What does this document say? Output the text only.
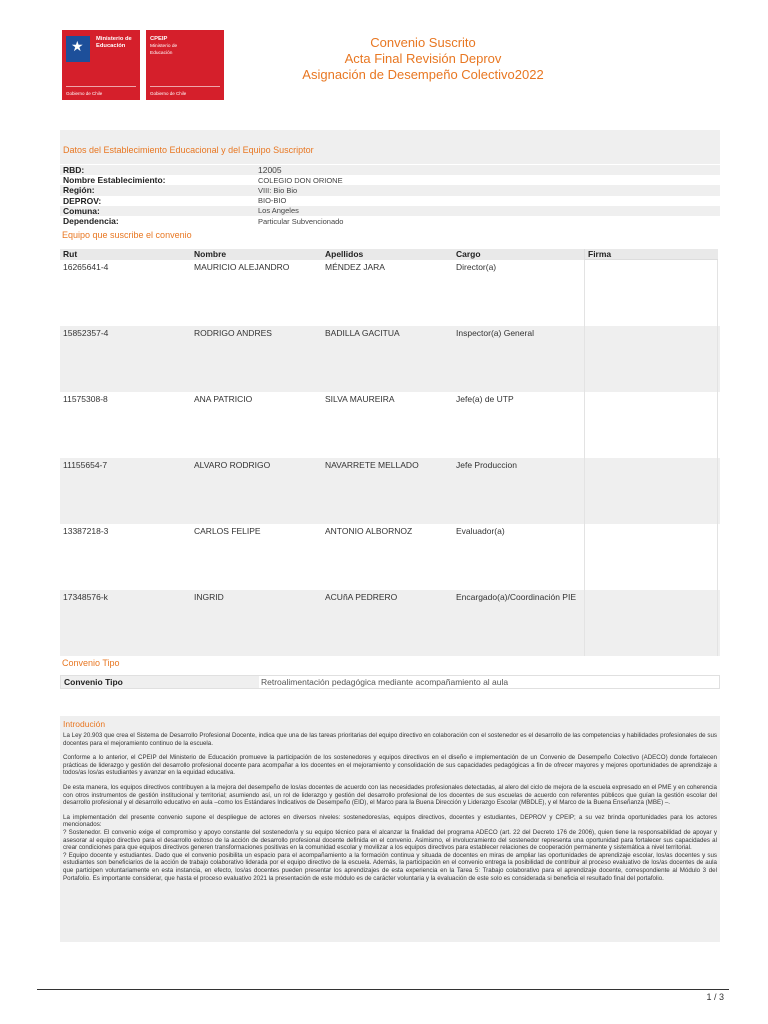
★
Ministerio de
Educación
Gobierno de Chile
CPEIP
Ministerio de
Educación
Gobierno de Chile
Convenio Suscrito
Acta Final Revisión Deprov
Asignación de Desempeño Colectivo2022
Datos del Establecimiento Educacional y del Equipo Suscriptor
RBD:	12005
Nombre Establecimiento:	COLEGIO DON ORIONE
Región:	VIII: Bio Bio
DEPROV:	BIO-BIO
Comuna:	Los Angeles
Dependencia:	Particular Subvencionado
Equipo que suscribe el convenio
Rut	Nombre	Apellidos	Cargo	Firma
16265641-4	MAURICIO ALEJANDRO	MÉNDEZ JARA	Director(a)
15852357-4	RODRIGO ANDRES	BADILLA GACITUA	Inspector(a) General
11575308-8	ANA PATRICIO	SILVA MAUREIRA	Jefe(a) de UTP
11155654-7	ALVARO RODRIGO	NAVARRETE MELLADO	Jefe Produccion
13387218-3	CARLOS FELIPE	ANTONIO ALBORNOZ	Evaluador(a)
17348576-k	INGRID	ACUñA PEDRERO	Encargado(a)/Coordinación PIE
Convenio Tipo
Convenio Tipo	Retroalimentación pedagógica mediante acompañamiento al aula
Introdución

La Ley 20.903 que crea el Sistema de Desarrollo Profesional Docente, indica que una de las tareas prioritarias del equipo directivo en colaboración con el sostenedor es el desarrollo de las competencias y habilidades profesionales de sus docentes para el mejoramiento continuo de la escuela.

Conforme a lo anterior, el CPEIP del Ministerio de Educación promueve la participación de los sostenedores y equipos directivos en el diseño e implementación de un Convenio de Desempeño Colectivo (ADECO) donde fortalecen prácticas de liderazgo y gestión del desarrollo profesional docente para acompañar a los docentes en el mejoramiento y consolidación de sus capacidades pedagógicas a fin de ofrecer mayores y mejores oportunidades de aprendizaje a todos/as los/as estudiantes y avanzar en la equidad educativa.

De esta manera, los equipos directivos contribuyen a la mejora del desempeño de los/as docentes de acuerdo con las necesidades profesionales detectadas, al alero del ciclo de mejora de la escuela expresado en el PME y en coherencia con otros instrumentos de gestión institucional y territorial; asumiendo así, un rol de liderazgo y gestión del desarrollo profesional de los docentes de sus escuelas de acuerdo con referentes públicos que guían la gestión escolar del desarrollo profesional y el desarrollo educativo en aula –como los Estándares Indicativos de Desempeño (EID), el Marco para la Buena Dirección y Liderazgo Escolar (MBDLE), y el Marco de la Buena Enseñanza (MBE) –.

La implementación del presente convenio supone el despliegue de actores en diversos niveles: sostenedores/as, equipos directivos, docentes y estudiantes, DEPROV y CPEIP; a su vez brinda oportunidades para los actores mencionados:
? Sostenedor. El convenio exige el compromiso y apoyo constante del sostenedor/a y su equipo técnico para el alcanzar la finalidad del programa ADECO (art. 22 del Decreto 176 de 2006), quien tiene la responsabilidad de apoyar y asesorar al equipo directivo para el desarrollo exitoso de la acción de desarrollo profesional docente definida en el convenio. Asimismo, el involucramiento del sostenedor representa una oportunidad para fortalecer sus capacidades al crear condiciones para que equipos directivos generen transformaciones positivas en la comunidad escolar y movilizar a los equipos directivos para establecer relaciones de cooperación permanente y sistemática a nivel territorial.
? Equipo docente y estudiantes. Dado que el convenio posibilita un espacio para el acompañamiento a la formación continua y situada de docentes en miras de ampliar las oportunidades de aprendizaje escolar, los/as docentes y sus estudiantes son beneficiarios de la acción de trabajo colaborativo liderada por el equipo directivo de la escuela. Además, la participación en el convenio entrega la posibilidad de contribuir al proceso evaluativo de los/as docentes de aula que participen voluntariamente en esta instancia, en efecto, los/as docentes pueden presentar los aprendizajes de esta experiencia en la Tarea 5: Trabajo colaborativo para el aprendizaje docente, correspondiente al Módulo 3 del Portafolio. Es importante considerar, que hasta el proceso evaluativo 2021 la presentación de este módulo es de carácter voluntaria y la evaluación de este solo es considerada si beneficia el resultado final del portafolio.

1 / 3
